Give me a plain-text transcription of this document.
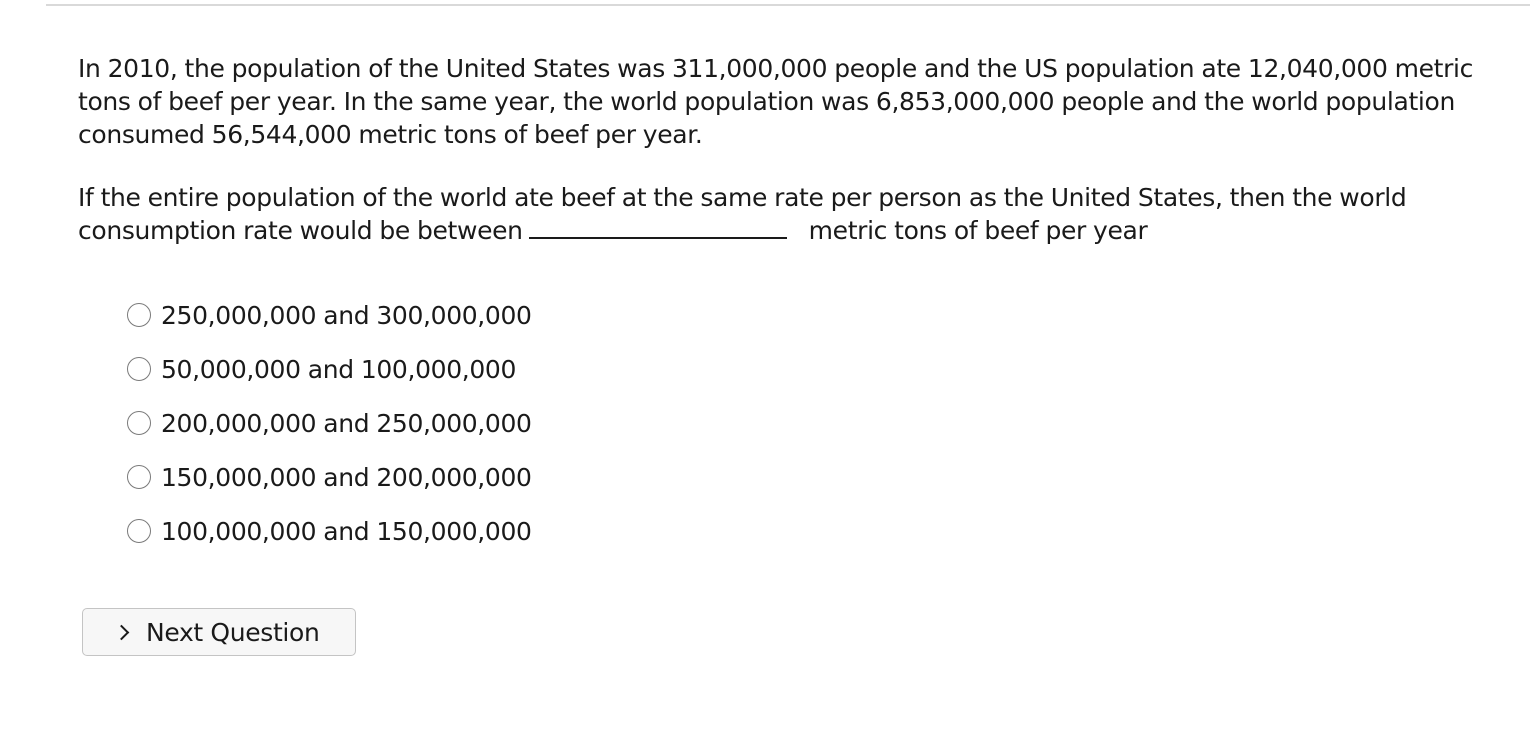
In 2010, the population of the United States was 311,000,000 people and the US population ate 12,040,000 metric tons of beef per year. In the same year, the world population was 6,853,000,000 people and the world population consumed 56,544,000 metric tons of beef per year.

If the entire population of the world ate beef at the same rate per person as the United States, then the world consumption rate would be between	metric tons of beef per year

250,000,000 and 300,000,000
50,000,000 and 100,000,000
200,000,000 and 250,000,000
150,000,000 and 200,000,000
100,000,000 and 150,000,000
Next Question
